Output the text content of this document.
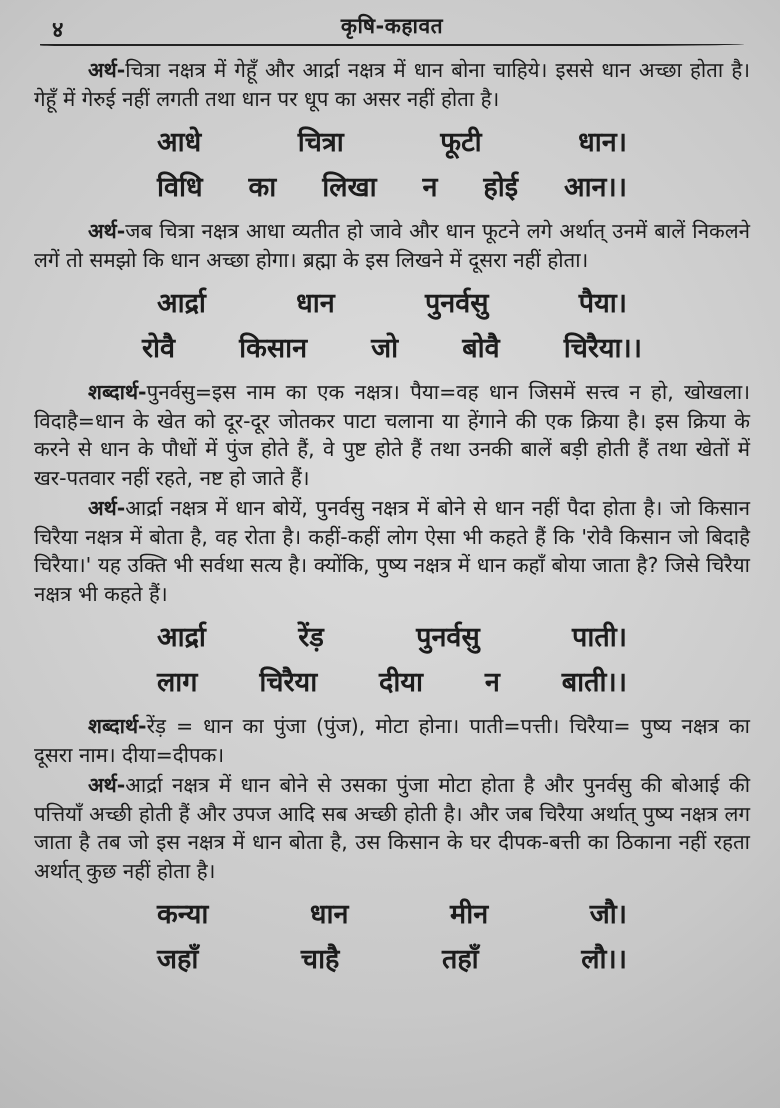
४	कृषि-कहावत

अर्थ-चित्रा नक्षत्र में गेहूँ और आर्द्रा नक्षत्र में धान बोना चाहिये। इससे धान अच्छा होता है। गेहूँ में गेरुई नहीं लगती तथा धान पर धूप का असर नहीं होता है।

आधे चित्रा फूटी धान।
विधि का लिखा न होई आन।।

अर्थ-जब चित्रा नक्षत्र आधा व्यतीत हो जावे और धान फूटने लगे अर्थात् उनमें बालें निकलने लगें तो समझो कि धान अच्छा होगा। ब्रह्मा के इस लिखने में दूसरा नहीं होता।

आर्द्रा धान पुनर्वसु पैया।
रोवै किसान जो बोवै चिरैया।।

शब्दार्थ-पुनर्वसु=इस नाम का एक नक्षत्र। पैया=वह धान जिसमें सत्त्व न हो, खोखला। विदाहै=धान के खेत को दूर-दूर जोतकर पाटा चलाना या हेंगाने की एक क्रिया है। इस क्रिया के करने से धान के पौधों में पुंज होते हैं, वे पुष्ट होते हैं तथा उनकी बालें बड़ी होती हैं तथा खेतों में खर-पतवार नहीं रहते, नष्ट हो जाते हैं।

अर्थ-आर्द्रा नक्षत्र में धान बोयें, पुनर्वसु नक्षत्र में बोने से धान नहीं पैदा होता है। जो किसान चिरैया नक्षत्र में बोता है, वह रोता है। कहीं-कहीं लोग ऐसा भी कहते हैं कि 'रोवै किसान जो बिदाहै चिरैया।' यह उक्ति भी सर्वथा सत्य है। क्योंकि, पुष्य नक्षत्र में धान कहाँ बोया जाता है? जिसे चिरैया नक्षत्र भी कहते हैं।

आर्द्रा रेंड़ पुनर्वसु पाती।
लाग चिरैया दीया न बाती।।

शब्दार्थ-रेंड़ = धान का पुंजा (पुंज), मोटा होना। पाती=पत्ती। चिरैया= पुष्य नक्षत्र का दूसरा नाम। दीया=दीपक।

अर्थ-आर्द्रा नक्षत्र में धान बोने से उसका पुंजा मोटा होता है और पुनर्वसु की बोआई की पत्तियाँ अच्छी होती हैं और उपज आदि सब अच्छी होती है। और जब चिरैया अर्थात् पुष्य नक्षत्र लग जाता है तब जो इस नक्षत्र में धान बोता है, उस किसान के घर दीपक-बत्ती का ठिकाना नहीं रहता अर्थात् कुछ नहीं होता है।

कन्या धान मीन जौ।
जहाँ चाहै तहाँ लौ।।
